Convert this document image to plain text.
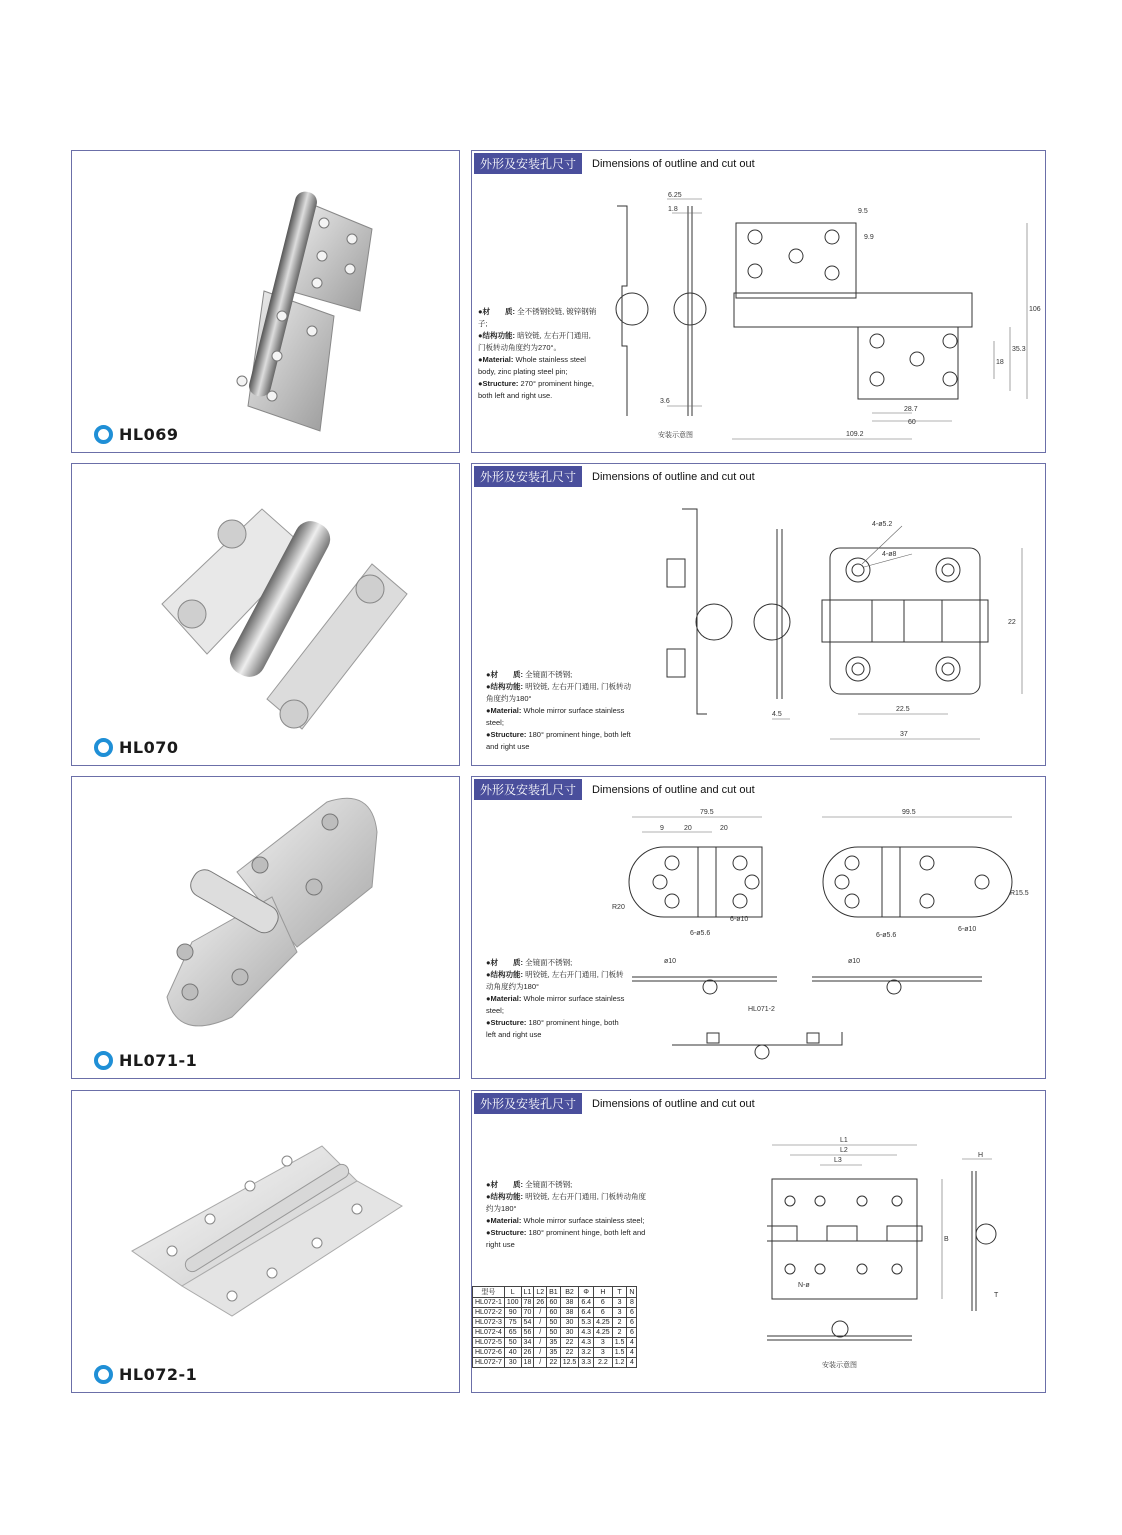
HL069
外形及安装孔尺寸	Dimensions of outline and cut out
●材　　质: 全不锈钢铰链, 镀锌钢销子;
●结构功能: 暗铰链, 左右开门通用, 门板转动角度约为270°。
●Material: Whole stainless steel body, zinc plating steel pin;
●Structure: 270° prominent hinge, both left and right use.
6.25
1.8
3.6
9.5
9.9
106
35.3
18
28.7
60
109.2
安装示意图
HL070
外形及安装孔尺寸	Dimensions of outline and cut out
●材　　质: 全镜面不锈钢;
●结构功能: 明铰链, 左右开门通用, 门板转动角度约为180°
●Material: Whole mirror surface stainless steel;
●Structure: 180° prominent hinge, both left and right use
4-ø5.2
4-ø8
22
22.5
37
4.5
HL071-1
外形及安装孔尺寸	Dimensions of outline and cut out
●材　　质: 全镜面不锈钢;
●结构功能: 明铰链, 左右开门通用, 门板转动角度约为180°
●Material: Whole mirror surface stainless steel;
●Structure: 180° prominent hinge, both left and right use
79.5	99.5
9	20	20
R20
6-ø5.6
6-ø10
R15.5
ø10	ø10
HL071-2
6-ø5.6
6-ø10
HL072-1
外形及安装孔尺寸	Dimensions of outline and cut out
●材　　质: 全镜面不锈钢;
●结构功能: 明铰链, 左右开门通用, 门板转动角度约为180°
●Material: Whole mirror surface stainless steel;
●Structure: 180° prominent hinge, both left and right use
L1
L2
L3
B
T
H
N-ø
安装示意图
型号	L	L1	L2	B1	B2	Φ	H	T	N
HL072-1	100	78	26	60	38	6.4	6	3	8
HL072-2	90	70	/	60	38	6.4	6	3	6
HL072-3	75	54	/	50	30	5.3	4.25	2	6
HL072-4	65	56	/	50	30	4.3	4.25	2	6
HL072-5	50	34	/	35	22	4.3	3	1.5	4
HL072-6	40	26	/	35	22	3.2	3	1.5	4
HL072-7	30	18	/	22	12.5	3.3	2.2	1.2	4
